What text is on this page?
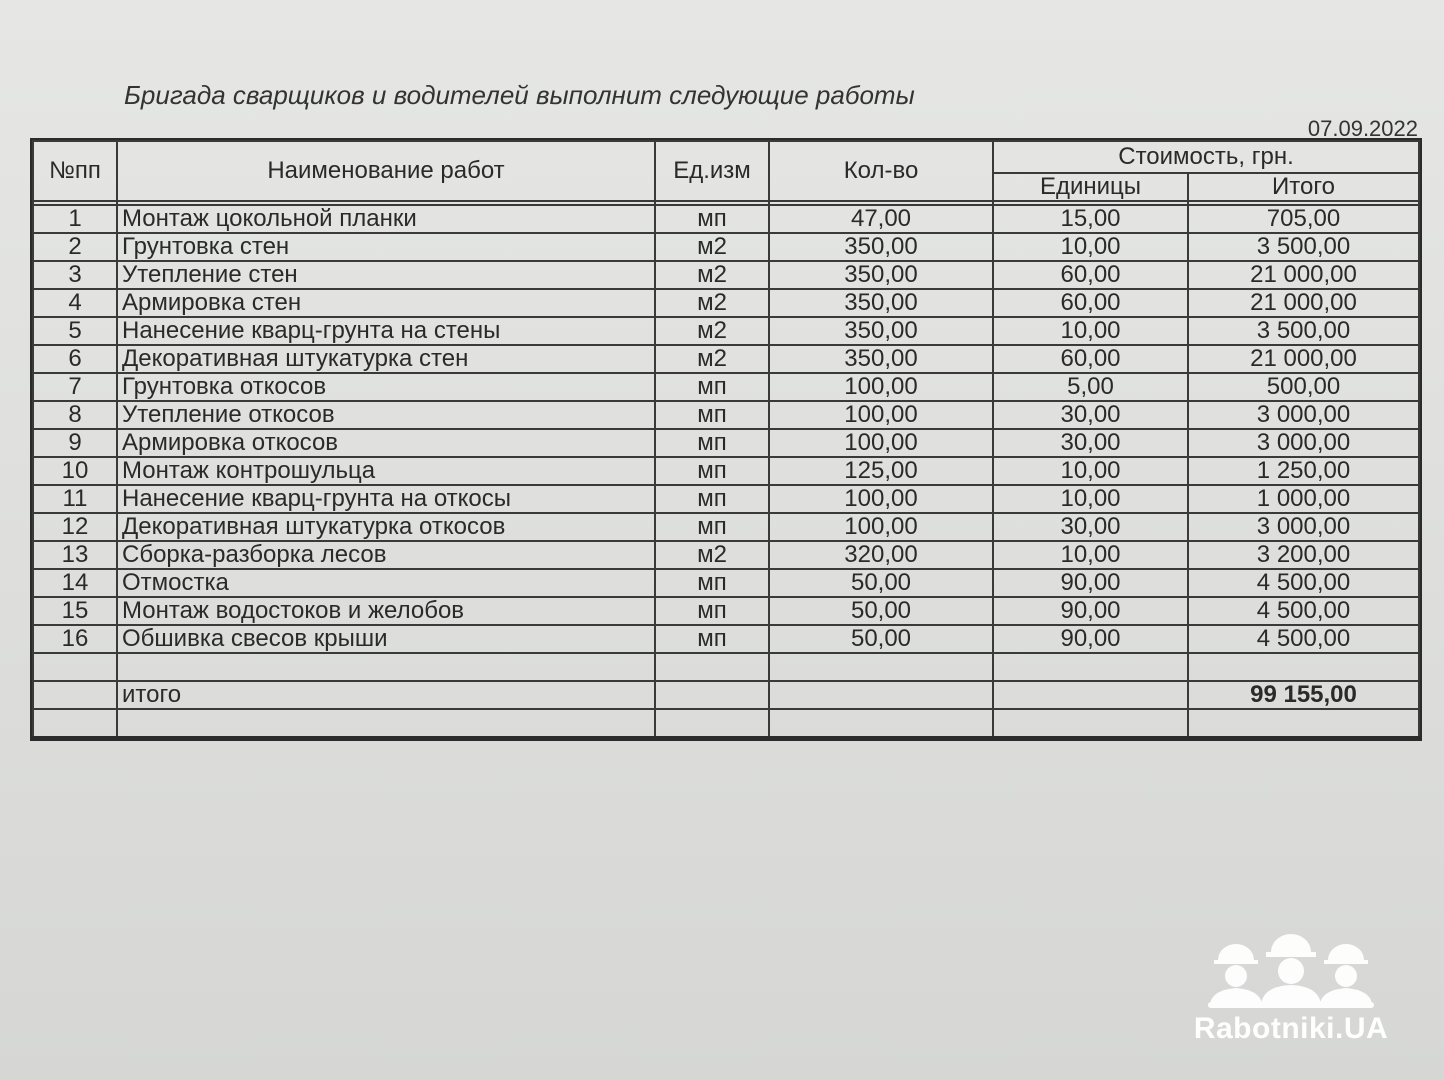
Бригада сварщиков и водителей выполнит следующие работы
07.09.2022
№пп	Наименование работ	Ед.изм	Кол-во	Стоимость, грн.	
				Единицы	Итого

1	Монтаж цокольной планки	мп	47,00	15,00	705,00
2	Грунтовка стен	м2	350,00	10,00	3 500,00
3	Утепление стен	м2	350,00	60,00	21 000,00
4	Армировка стен	м2	350,00	60,00	21 000,00
5	Нанесение кварц-грунта на стены	м2	350,00	10,00	3 500,00
6	Декоративная штукатурка стен	м2	350,00	60,00	21 000,00
7	Грунтовка откосов	мп	100,00	5,00	500,00
8	Утепление откосов	мп	100,00	30,00	3 000,00
9	Армировка откосов	мп	100,00	30,00	3 000,00
10	Монтаж контрошульца	мп	125,00	10,00	1 250,00
11	Нанесение кварц-грунта на откосы	мп	100,00	10,00	1 000,00
12	Декоративная штукатурка откосов	мп	100,00	30,00	3 000,00
13	Сборка-разборка лесов	м2	320,00	10,00	3 200,00
14	Отмостка	мп	50,00	90,00	4 500,00
15	Монтаж водостоков и желобов	мп	50,00	90,00	4 500,00
16	Обшивка свесов крыши	мп	50,00	90,00	4 500,00

	итого				99 155,00

Rabotniki.UA
